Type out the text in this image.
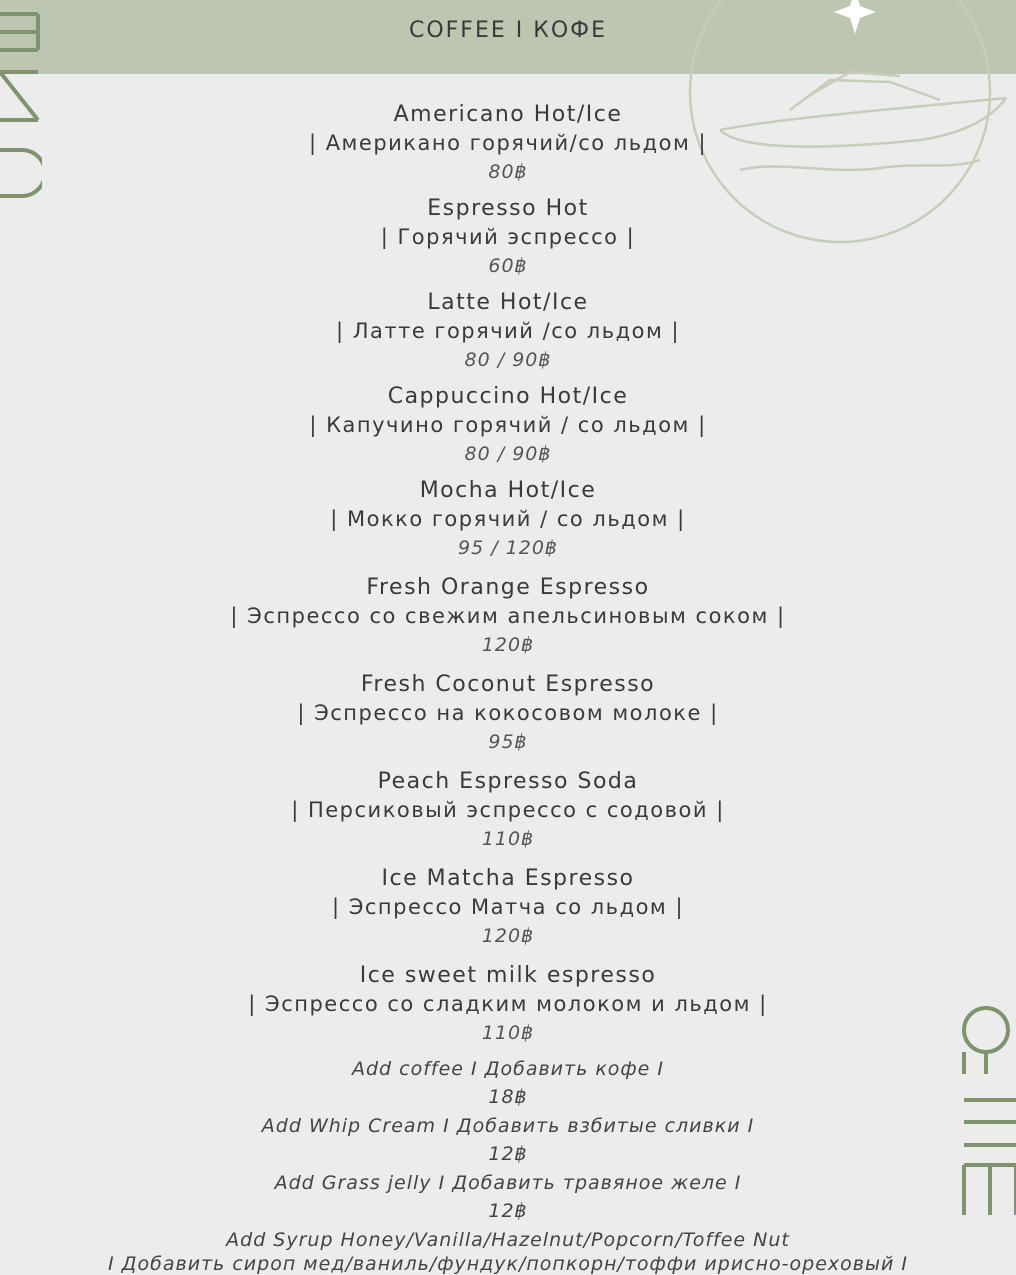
COFFEE I КОФЕ
Americano Hot/Ice
| Американо горячий/со льдом |
80฿
Espresso Hot
| Горячий эспрессо |
60฿
Latte Hot/Ice
| Латте горячий /со льдом |
80 / 90฿
Cappuccino Hot/Ice
| Капучино горячий / со льдом |
80 / 90฿
Mocha Hot/Ice
| Мокко горячий / со льдом |
95 / 120฿
Fresh Orange Espresso
| Эспрессо со свежим апельсиновым соком |
120฿
Fresh Coconut Espresso
| Эспрессо на кокосовом молоке |
95฿
Peach Espresso Soda
| Персиковый эспрессо с содовой |
110฿
Ice Matcha Espresso
| Эспрессо Матча со льдом |
120฿
Ice sweet milk espresso
| Эспрессо со сладким молоком и льдом |
110฿
Add coffee I Добавить кофе I
18฿
Add Whip Cream I Добавить взбитые сливки I
12฿
Add Grass jelly I Добавить травяное желе I
12฿
Add Syrup Honey/Vanilla/Hazelnut/Popcorn/Toffee Nut
I Добавить сироп мед/ваниль/фундук/попкорн/тоффи ирисно-ореховый I
